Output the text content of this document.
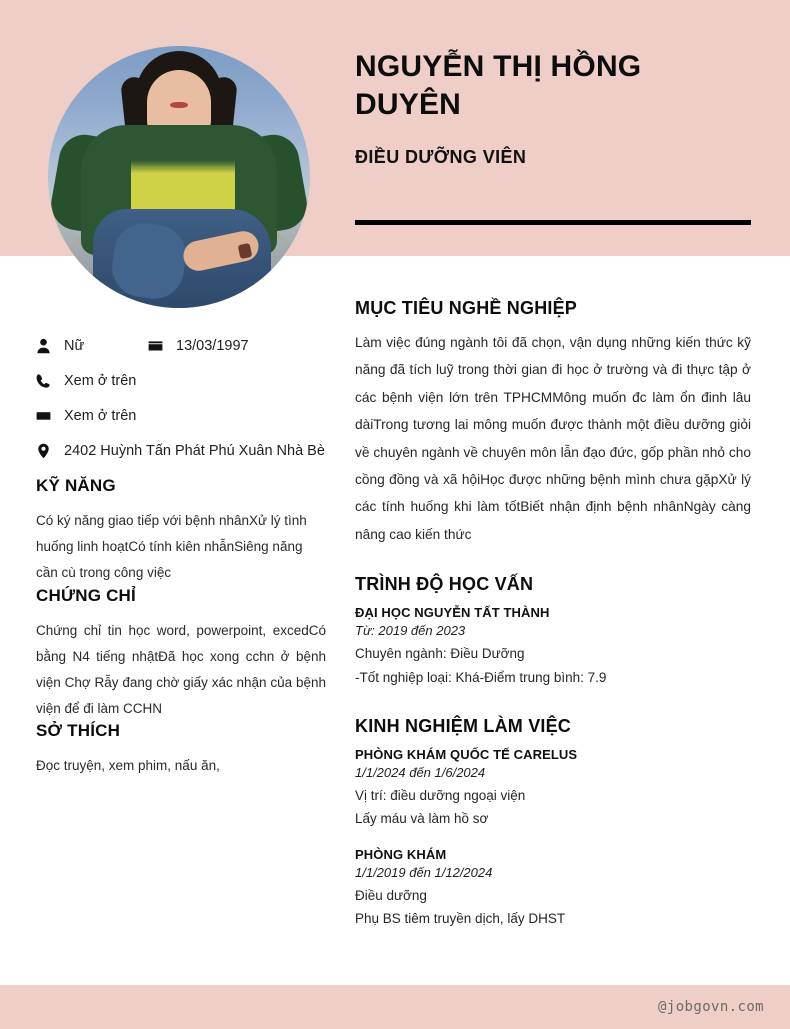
NGUYỄN THỊ HỒNG DUYÊN
ĐIỀU DƯỠNG VIÊN
Nữ	13/03/1997
Xem ở trên
Xem ở trên
2402 Huỳnh Tấn Phát Phú Xuân Nhà Bè
KỸ NĂNG

Có ký năng giao tiếp với bệnh nhânXử lý tình huống linh hoạtCó tính kiên nhẫnSiêng năng cần cù trong công việc

CHỨNG CHỈ

Chứng chỉ tin học word, powerpoint, excedCó bằng N4 tiếng nhậtĐã học xong cchn ở bệnh viện Chợ Rẫy đang chờ giấy xác nhận của bệnh viện để đi làm CCHN

SỞ THÍCH

Đọc truyện, xem phim, nấu ăn,

MỤC TIÊU NGHỀ NGHIỆP

Làm việc đúng ngành tôi đã chọn, vận dụng những kiến thức kỹ năng đã tích luỹ trong thời gian đi học ở trường và đi thực tập ở các bệnh viện lớn trên TPHCMMông muốn đc làm ổn đinh lâu dàiTrong tương lai mông muốn được thành một điều dưỡng giỏi về chuyên ngành về chuyên môn lẫn đạo đức, gốp phần nhỏ cho cồng đồng và xã hộiHọc được những bệnh mình chưa gặpXử lý các tính huống khi làm tốtBiết nhận định bệnh nhânNgày càng nâng cao kiến thức

TRÌNH ĐỘ HỌC VẤN
ĐẠI HỌC NGUYỄN TẤT THÀNH
Từ: 2019 đến 2023

Chuyên ngành: Điều Dưỡng

-Tốt nghiệp loại: Khá-Điểm trung bình: 7.9

KINH NGHIỆM LÀM VIỆC
PHÒNG KHÁM QUỐC TẾ CARELUS
1/1/2024 đến 1/6/2024

Vị trí: điều dưỡng ngoại viện

Lấy máu và làm hồ sơ

PHÒNG KHÁM
1/1/2019 đến 1/12/2024

Điều dưỡng

Phụ BS tiêm truyền dịch, lấy DHST

@jobgovn.com
